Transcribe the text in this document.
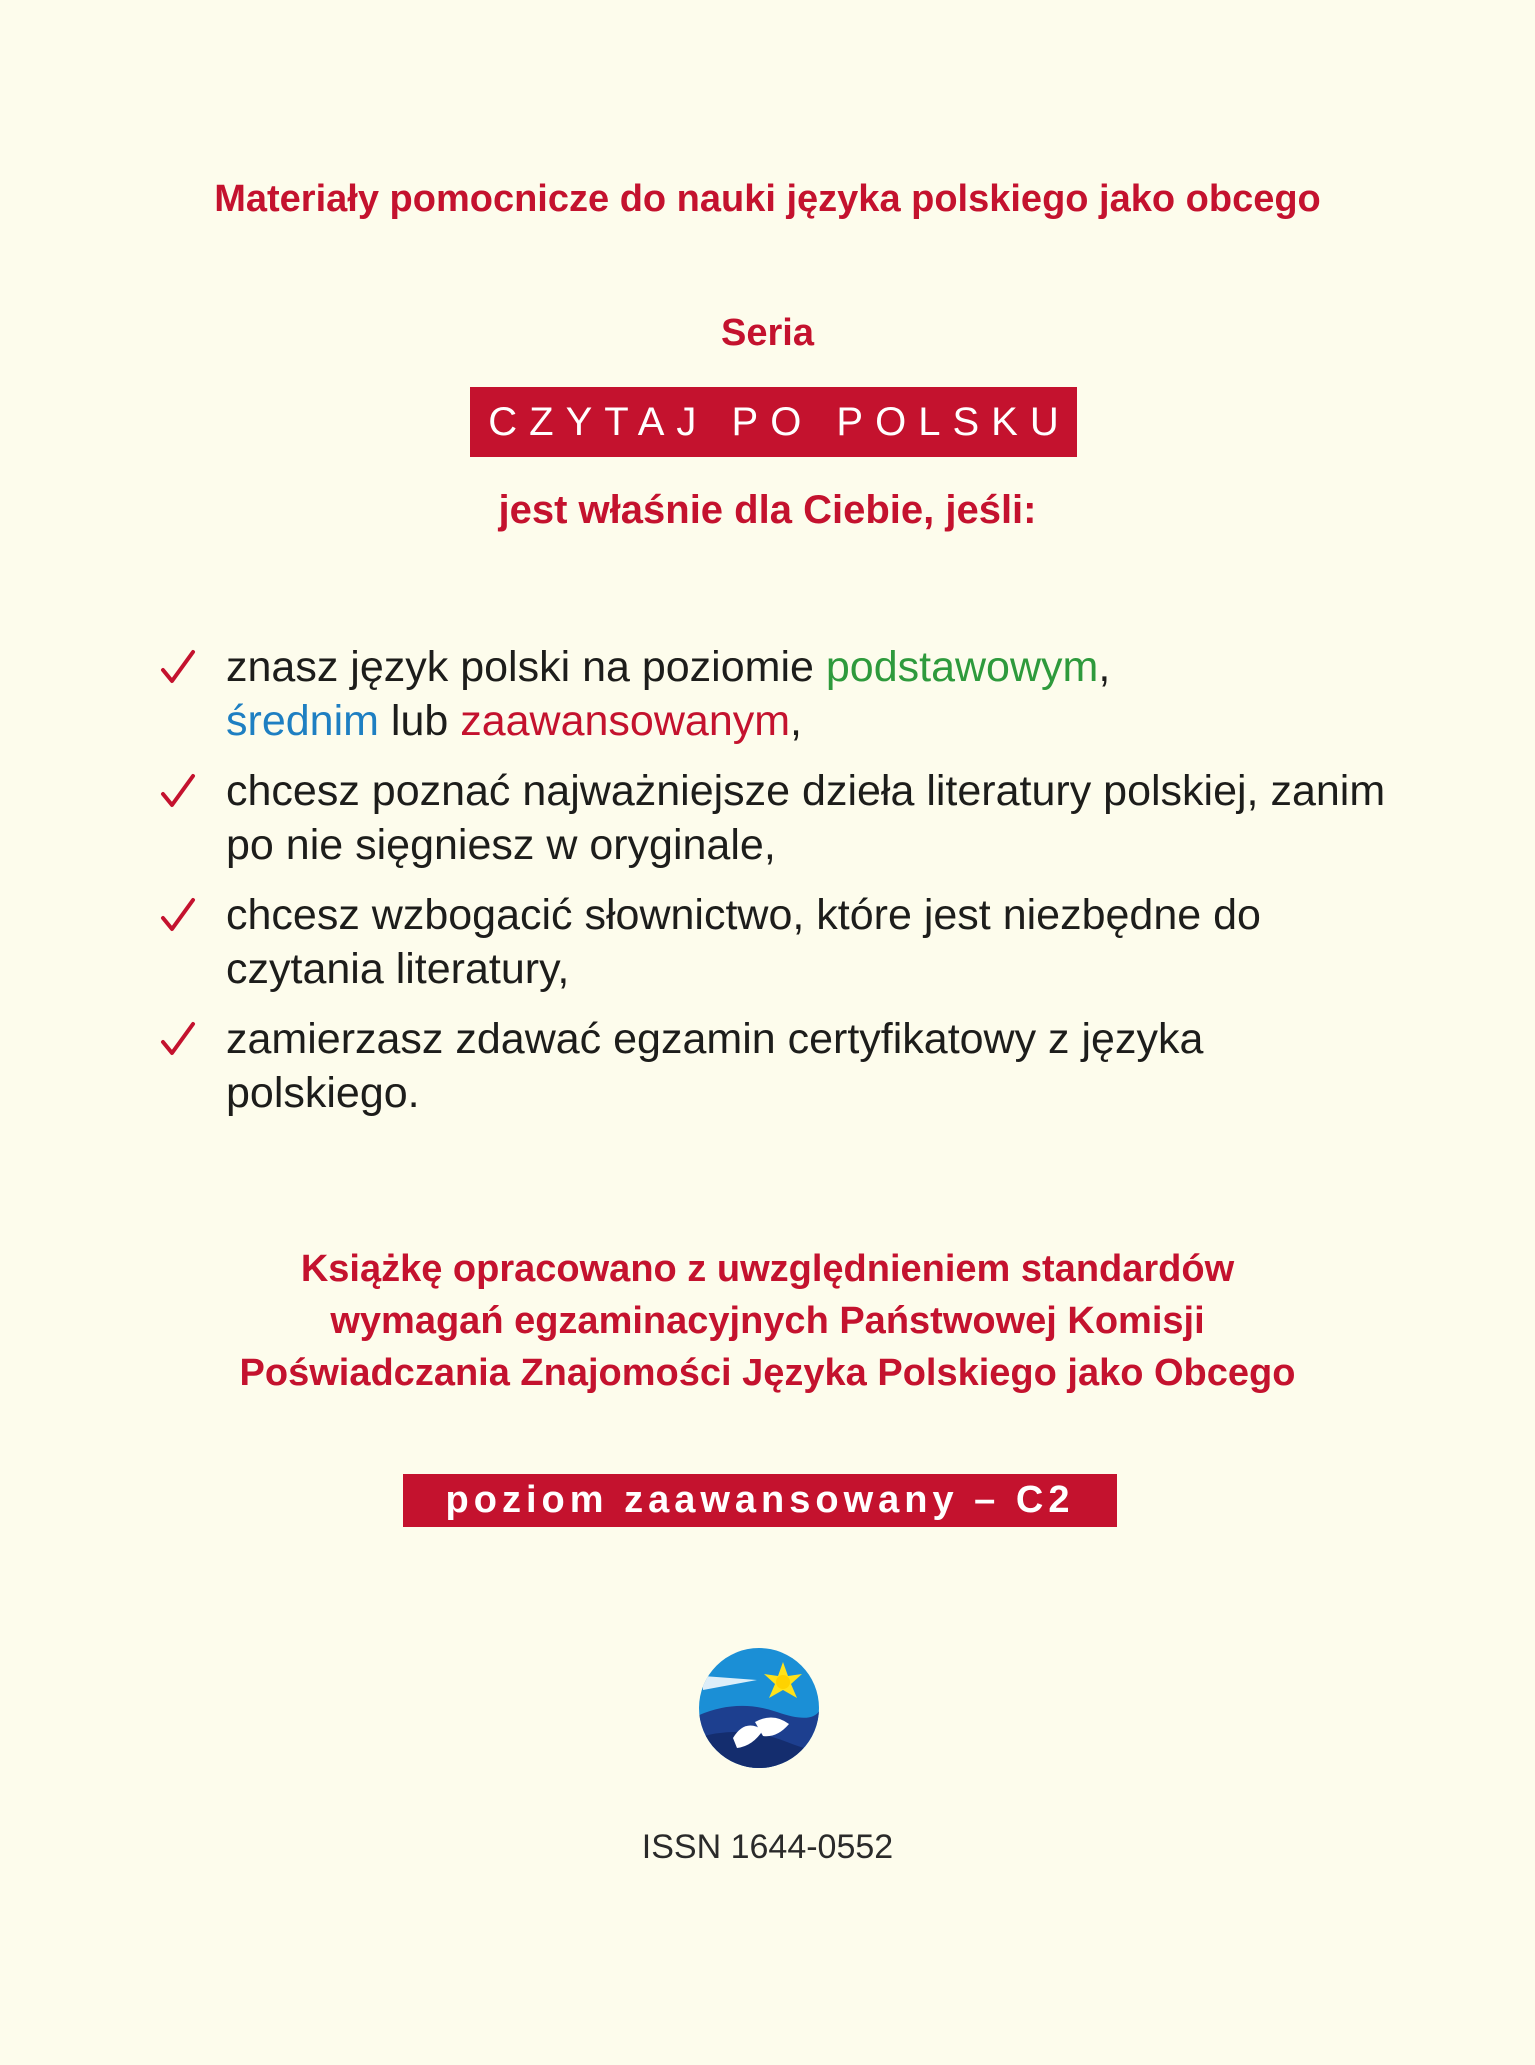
Materiały pomocnicze do nauki języka polskiego jako obcego
Seria
CZYTAJ PO POLSKU
jest właśnie dla Ciebie, jeśli:
znasz język polski na poziomie podstawowym,
średnim lub zaawansowanym,
chcesz poznać najważniejsze dzieła literatury polskiej, zanim po nie sięgniesz w oryginale,
chcesz wzbogacić słownictwo, które jest niezbędne do czytania literatury,
zamierzasz zdawać egzamin certyfikatowy z języka polskiego.
Książkę opracowano z uwzględnieniem standardów
wymagań egzaminacyjnych Państwowej Komisji
Poświadczania Znajomości Języka Polskiego jako Obcego
poziom zaawansowany – C2
ISSN 1644-0552
